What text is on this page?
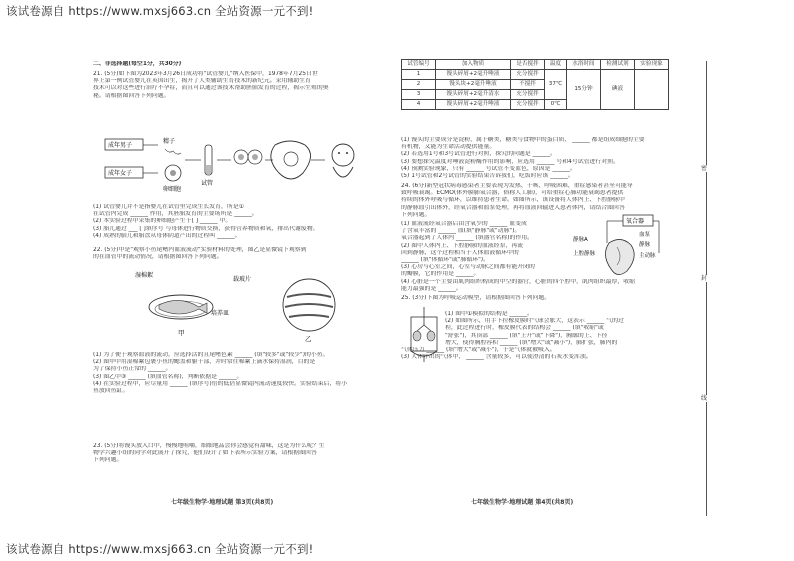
该试卷源自 https://www.mxsj663.cn 全站资源一元不到!
该试卷源自 https://www.mxsj663.cn 全站资源一元不到!
二、非选择题(每空1分，共30分)
21. (5分)如下图为2023年3月26日成功将"试管婴儿"纳入医保中，1978年7月25日世
界上第一例试管婴儿在英国出生，揭开了人类辅助生育技术的新纪元。采用辅助生育
技术可以对这些进行治疗不孕症，而且可以通过该技术帮助胚胎发育的过程，揭示生殖的奥
秘。请根据图回答下列问题。
成年男子
成年女子
精子
卵细胞
试管
(1) 试管婴儿并不是指婴儿在试管里完成生长发育，所是①
在试管内完成 ______ 作用，其胚胎发育的主要场所是 ______。
(2) 本实验过程中采集的卵细胞产生于[ ] ______ 中。
(3) 胎儿通过 ___ [ ]填序号 与母体进行物质交换，获得营养物质和氧，排出代谢废物。
(4) 成熟的胎儿和胎盘从母体阴道产出的过程叫 ______。
22. (5分)甲是"观察小鱼尾鳍内血液流动"实验材料的处理，图乙是显微镜下观察到
的在血管中的流动情况，请根据图回答下列问题。
湿棉絮
载玻片
培养皿
甲
乙
(1) 为了便于观察血液的流动，应选择活的且尾鳍色素 ______ (填"较多"或"较少")的小鱼。
(2) 图甲中用湿棉絮包裹小鱼的鳃盖和躯干部，并时常往棉絮上滴水保持湿润，目的是
为了保持小鱼正常的 ______。
(3) 图乙中③ ______ (填血管名称)，判断依据是 ______。
(4) 在实验过程中，应尽量用 ______ (填序号)倍的低倍显微镜内流动速度较快。实验结束后，将小
鱼放回鱼缸。
23. (5分)将馒头放入口中，慢慢地咀嚼，细细地品尝你会感觉有甜味，这是为什么呢？生
物学兴趣小组的同学对此展开了探究，他们设计了如下表所示实验方案，请根据图回答
下列问题。
七年级生物学·地理试题 第3页(共8页)
试管编号	加入物质	是否搅拌	温度	水浴时间	检测试剂	实验现象
1	馒头碎屑+2毫升唾液	充分搅拌	37℃	15分钟	碘液	
2	馒头块+2毫升唾液	不搅拌				
3	馒头碎屑+2毫升清水	充分搅拌				
4	馒头碎屑+2毫升唾液	充分搅拌	0℃			
(1) 馒头的主要成分是淀粉，属于糖类，糖类与食物中的蛋白质、 ______ 都是组成细胞的主要
有机物，又能为生命活动提供能量。
(2) 若选用1号和3号试管进行对照，探究的问题是 ______。
(3) 要想探究温度对唾液淀粉酶作用的影响，应选用 ______ 号和4号试管进行对照。
(4) 预测实验现象，只有 ______ 号试管不变蓝色，原因是 ______。
(5) 1号试管和2号试管的实验结果告诉我们，吃饭时应该 ______。
24. (6分)新型冠状病毒感染者主要表现为发热、干咳、呼吸困难，重症感染者甚至可能导
致呼吸衰竭。ECMO(体外膜肺氧合器，俗称人工肺)，可给重症心肺功能衰竭患者提供
持续的体外呼吸与循环，以维持患者生命。如图所示，该设备将人体内上、下腔静脉中
的静脉血引出体外，经氧合器和血泵处理，再将血液回输进入患者体内，请结合图回答
下列问题。
(1) 血液流经氧合器后由含氧少的 ______ 血变成
了含氧丰富的 ______ 血(填"静脉"或"动脉")。
氧合器起到了人体内 ______ (填器官名称)的作用。
(2) 图中人体内上、下腔静脉的血液经泵，再流
回到静脉，这个过程相当于人体血液循环中的
______ (填"体循环"或"肺循环")。
(3) 心房与心室之间，心室与动脉之间都有能开闭的
的瓣膜，它的作用是 ______。
(4) 心脏是一个主要由肌肉组织构成的中空的器官，心脏的四个腔中，肌肉组织最厚，收缩
能力最强的是 ______。
氧合器
血泵
静脉
主动脉
静脉A
上腔静脉
25. (3分)下图为呼吸运动模型，请根据图回答下列问题。
(1) 图中①模拟的结构是 ______。
(2) 如图所示，用手下拉橡皮膜时气球会胀大，这表示 ______ 气的过
程，此过程进行时，橡皮膜代表的结构会 ______ (填"收缩"或
"舒张")，其顶部 ______ (填"上升"或"下降")，胸廓的上、下径
增大，使得胸腔容积 ______ (填"增大"或"减小")，肺扩张，肺内的
气体压力 ______ (填"增大"或"减小")，于是气体就被吸入。
(3) 人体呼出的气体中， ______ 含量较多，可以使澄清的石灰水变浑浊。
七年级生物学·地理试题 第4页(共8页)
密
封
线
